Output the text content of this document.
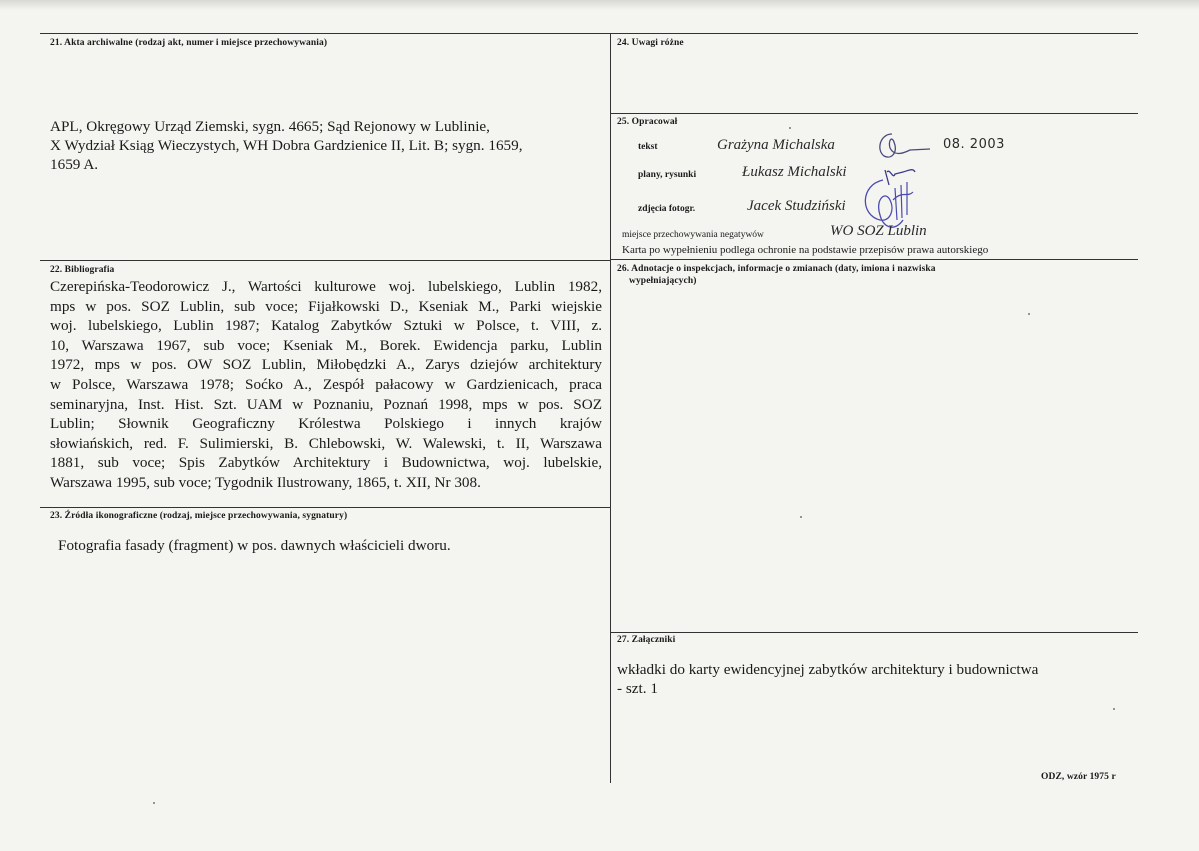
21. Akta archiwalne (rodzaj akt, numer i miejsce przechowywania)
APL, Okręgowy Urząd Ziemski, sygn. 4665; Sąd Rejonowy w Lublinie,
X Wydział Ksiąg Wieczystych, WH Dobra Gardzienice II, Lit. B; sygn. 1659,
1659 A.
22. Bibliografia
Czerepińska-Teodorowicz J., Wartości kulturowe woj. lubelskiego, Lublin 1982,
mps w pos. SOZ Lublin, sub voce; Fijałkowski D., Kseniak M., Parki wiejskie
woj. lubelskiego, Lublin 1987; Katalog Zabytków Sztuki w Polsce, t. VIII, z.
10, Warszawa 1967, sub voce; Kseniak M., Borek. Ewidencja parku, Lublin
1972, mps w pos. OW SOZ Lublin, Miłobędzki A., Zarys dziejów architektury
w Polsce, Warszawa 1978; Soćko A., Zespół pałacowy w Gardzienicach, praca
seminaryjna, Inst. Hist. Szt. UAM w Poznaniu, Poznań 1998, mps w pos. SOZ
Lublin; Słownik Geograficzny Królestwa Polskiego i innych krajów
słowiańskich, red. F. Sulimierski, B. Chlebowski, W. Walewski, t. II, Warszawa
1881, sub voce; Spis Zabytków Architektury i Budownictwa, woj. lubelskie,
Warszawa 1995, sub voce; Tygodnik Ilustrowany, 1865, t. XII, Nr 308.
23. Źródła ikonograficzne (rodzaj, miejsce przechowywania, sygnatury)
Fotografia fasady (fragment) w pos. dawnych właścicieli dworu.
24. Uwagi różne
25. Opracował
tekst	Grażyna Michalska	08. 2003
plany, rysunki	Łukasz Michalski
zdjęcia fotogr.	Jacek Studziński
miejsce przechowywania negatywów	WO SOZ Lublin
Karta po wypełnieniu podlega ochronie na podstawie przepisów prawa autorskiego
26. Adnotacje o inspekcjach, informacje o zmianach (daty, imiona i nazwiska
wypełniających)
27. Załączniki
wkładki do karty ewidencyjnej zabytków architektury i budownictwa
- szt. 1
ODZ, wzór 1975 r
